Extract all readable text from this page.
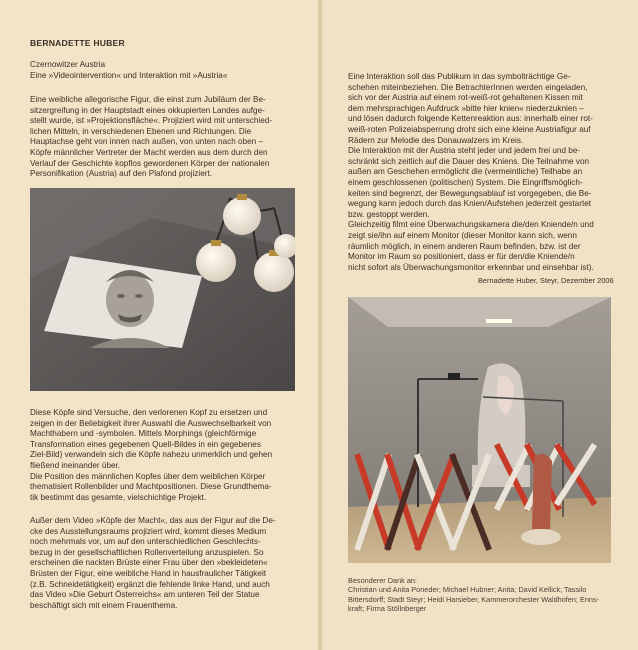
BERNADETTE HUBER

Czernowitzer Austria
Eine »Videointervention« und Interaktion mit »Austria«

Eine weibliche allegorische Figur, die einst zum Jubiläum der Be-
sitzergreifung in der Hauptstadt eines okkupierten Landes aufge-
stellt wurde, ist »Projektionsfläche«. Projiziert wird mit unterschied-
lichen Mitteln, in verschiedenen Ebenen und Richtungen. Die
Hauptachse geht von innen nach außen, von unten nach oben –
Köpfe männlicher Vertreter der Macht werden aus dem durch den
Verlauf der Geschichte kopflos gewordenen Körper der nationalen
Personifikation (Austria) auf den Plafond projiziert.

Diese Köpfe sind Versuche, den verlorenen Kopf zu ersetzen und
zeigen in der Beliebigkeit ihrer Auswahl die Auswechselbarkeit von
Machthabern und -symbolen. Mittels Morphings (gleichförmige
Transformation eines gegebenen Quell-Bildes in ein gegebenes
Ziel-Bild) verwandeln sich die Köpfe nahezu unmerklich und gehen
fließend ineinander über.
Die Position des männlichen Kopfes über dem weiblichen Körper
thematisiert Rollenbilder und Machtpositionen. Diese Grundthema-
tik bestimmt das gesamte, vielschichtige Projekt.

Außer dem Video »Köpfe der Macht«, das aus der Figur auf die De-
cke des Ausstellungsraums projiziert wird, kommt dieses Medium
noch mehrmals vor, um auf den unterschiedlichen Geschlechts-
bezug in der gesellschaftlichen Rollenverteilung anzuspielen. So
erscheinen die nackten Brüste einer Frau über den »bekleideten«
Brüsten der Figur, eine weibliche Hand in hausfraulicher Tätigkeit
(z.B. Schneidetätigkeit) ergänzt die fehlende linke Hand, und auch
das Video »Die Geburt Österreichs« am unteren Teil der Statue
beschäftigt sich mit einem Frauenthema.

Eine Interaktion soll das Publikum in das symbolträchtige Ge-
schehen miteinbeziehen. Die BetrachterInnen werden eingeladen,
sich vor der Austria auf einem rot-weiß-rot gehaltenen Kissen mit
dem mehrsprachigen Aufdruck »bitte hier knien« niederzuknien –
und lösen dadurch folgende Kettenreaktion aus: innerhalb einer rot-
weiß-roten Polizeiabsperrung droht sich eine kleine Austriafigur auf
Rädern zur Melodie des Donauwalzers im Kreis.
Die Interaktion mit der Austria steht jeder und jedem frei und be-
schränkt sich zeitlich auf die Dauer des Kniens. Die Teilnahme von
außen am Geschehen ermöglicht die (vermeintliche) Teilhabe an
einem geschlossenen (politischen) System. Die Eingriffsmöglich-
keiten sind begrenzt, der Bewegungsablauf ist vorgegeben, die Be-
wegung kann jedoch durch das Knien/Aufstehen jederzeit gestartet
bzw. gestoppt werden.
Gleichzeitig filmt eine Überwachungskamera die/den Kniende/n und
zeigt sie/ihn auf einem Monitor (dieser Monitor kann sich, wenn
räumlich möglich, in einem anderen Raum befinden, bzw. ist der
Monitor im Raum so positioniert, dass er für den/die Kniende/n
nicht sofort als Überwachungsmonitor erkennbar und einsehbar ist).

Bernadette Huber, Steyr, Dezember 2006

Besonderer Dank an:
Christian und Anita Poneder; Michael Hubner; Anita; David Kellick; Tassilo
Bittersdorff; Stadt Steyr; Heidi Harsieber, Kammerorchester Waldhofen; Enns-
kraft; Firma Stöllnberger
